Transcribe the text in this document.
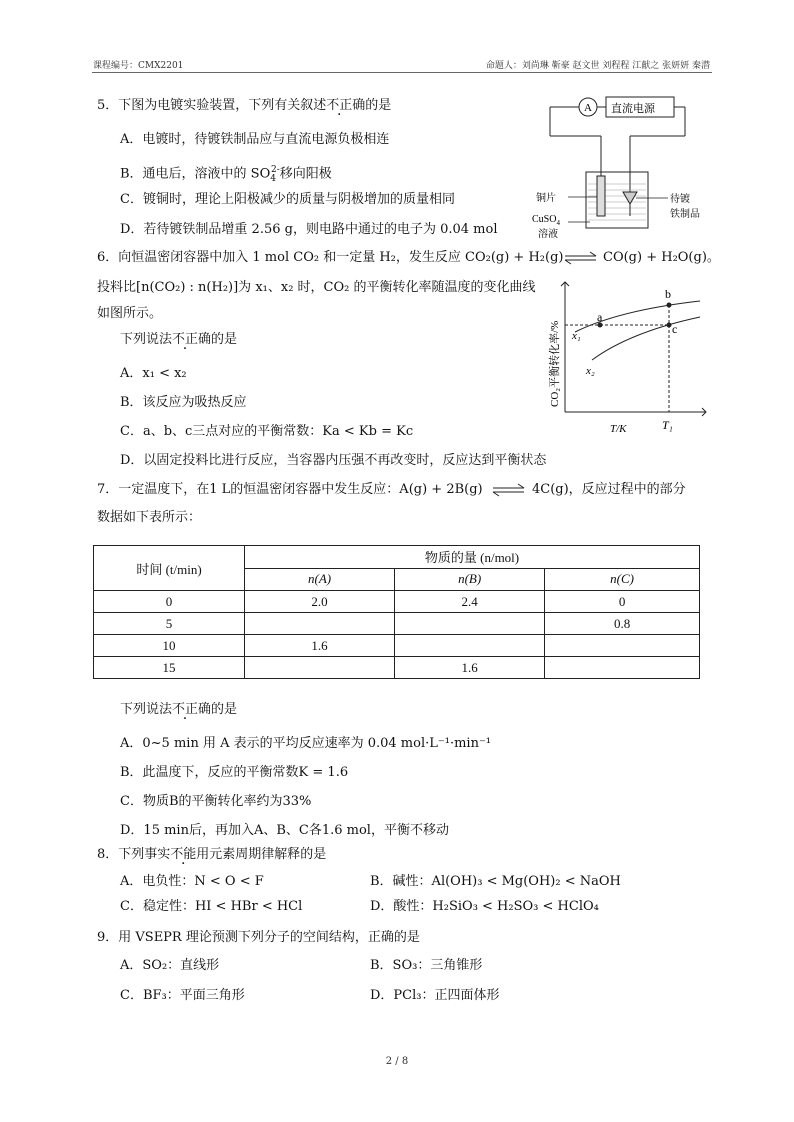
课程编号：CMX2201	命题人：刘尚琳 靳豪 赵文世 刘程程 江献之 张妍妍 秦潜
5．下图为电镀实验装置，下列有关叙述不正确的是
A．电镀时，待镀铁制品应与直流电源负极相连
B．通电后，溶液中的 $SO_4^{2-}$移向阳极
C．镀铜时，理论上阳极减少的质量与阴极增加的质量相同
D．若待镀铁制品增重 2.56 g，则电路中通过的电子为 0.04 mol
A 直流电源
铜片
CuSO$_4$
溶液
待镀
铁制品
6．向恒温密闭容器中加入 1 mol CO₂ 和一定量 H₂，发生反应 CO₂(g) + H₂(g) ⇌ CO(g) + H₂O(g)。
投料比[n(CO₂) : n(H₂)]为 x₁、x₂ 时，CO₂ 的平衡转化率随温度的变化曲线
如图所示。
下列说法不正确的是
A．x₁ < x₂
B．该反应为吸热反应
C．a、b、c三点对应的平衡常数：Ka < Kb = Kc
D．以固定投料比进行反应，当容器内压强不再改变时，反应达到平衡状态
CO₂平衡转化率/%
a
b
c
x₁
x₂
T/K	T₁
7．一定温度下，在1 L的恒温密闭容器中发生反应：A(g) + 2B(g) ⇌ 4C(g)，反应过程中的部分
数据如下表所示：
时间 (t/min)	物质的量 (n/mol)		
	n(A)	n(B)	n(C)
0	2.0	2.4	0
5			0.8
10	1.6		
15		1.6	
下列说法不正确的是
A．0~5 min 用 A 表示的平均反应速率为 0.04 mol·L⁻¹·min⁻¹
B．此温度下，反应的平衡常数K = 1.6
C．物质B的平衡转化率约为33%
D．15 min后，再加入A、B、C各1.6 mol，平衡不移动
8．下列事实不能用元素周期律解释的是
A．电负性：N < O < F	B．碱性：Al(OH)₃ < Mg(OH)₂ < NaOH
C．稳定性：HI < HBr < HCl	D．酸性：H₂SiO₃ < H₂SO₃ < HClO₄
9．用 VSEPR 理论预测下列分子的空间结构，正确的是
A．SO₂：直线形	B．SO₃：三角锥形
C．BF₃：平面三角形	D．PCl₃：正四面体形
2 / 8
